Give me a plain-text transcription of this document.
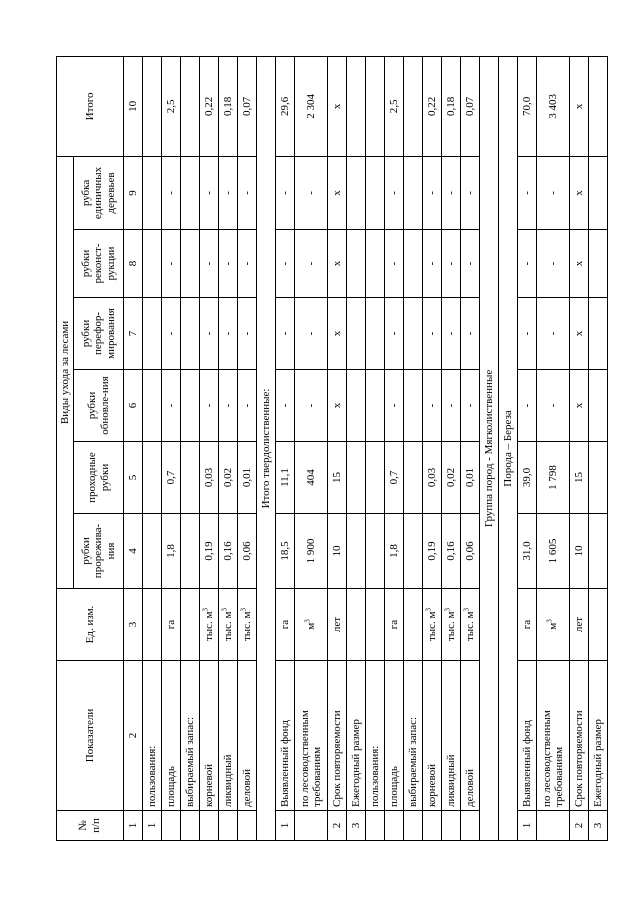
№
п/п	Показатели	Ед. изм.	Виды ухода за лесами						Итого
			рубки прорежива-ния	проходные рубки	рубки обновле-ния	рубки перефор-мирования	рубки реконст-рукции	рубка единичных деревьев	
1	2	3	4	5	6	7	8	9	10
1	пользования:								
	площадь	га	1,8	0,7	-	-	-	-	2,5
	выбираемый запас:								
	корневой	тыс. $м^3$	0,19	0,03	-	-	-	-	0,22
	ликвидный	тыс. $м^3$	0,16	0,02	-	-	-	-	0,18
	деловой	тыс. $м^3$	0,06	0,01	-	-	-	-	0,07
Итого твердолиственные:									
1	Выявленный фонд	га	18,5	11,1	-	-	-	-	29,6
	по лесоводственным требованиям	$м^3$	1 900	404	-	-	-	-	2 304
2	Срок повторяемости	лет	10	15	х	х	х	х	х
3	Ежегодный размер								
	пользования:								
	площадь	га	1,8	0,7	-	-	-	-	2,5
	выбираемый запас:								
	корневой	тыс. $м^3$	0,19	0,03	-	-	-	-	0,22
	ликвидный	тыс. $м^3$	0,16	0,02	-	-	-	-	0,18
	деловой	тыс. $м^3$	0,06	0,01	-	-	-	-	0,07
Группа пород - Мягколиственные									
Порода – Береза									
1	Выявленный фонд	га	31,0	39,0	-	-	-	-	70,0
	по лесоводственным требованиям	$м^3$	1 605	1 798	-	-	-	-	3 403
2	Срок повторяемости	лет	10	15	х	х	х	х	х
3	Ежегодный размер								
